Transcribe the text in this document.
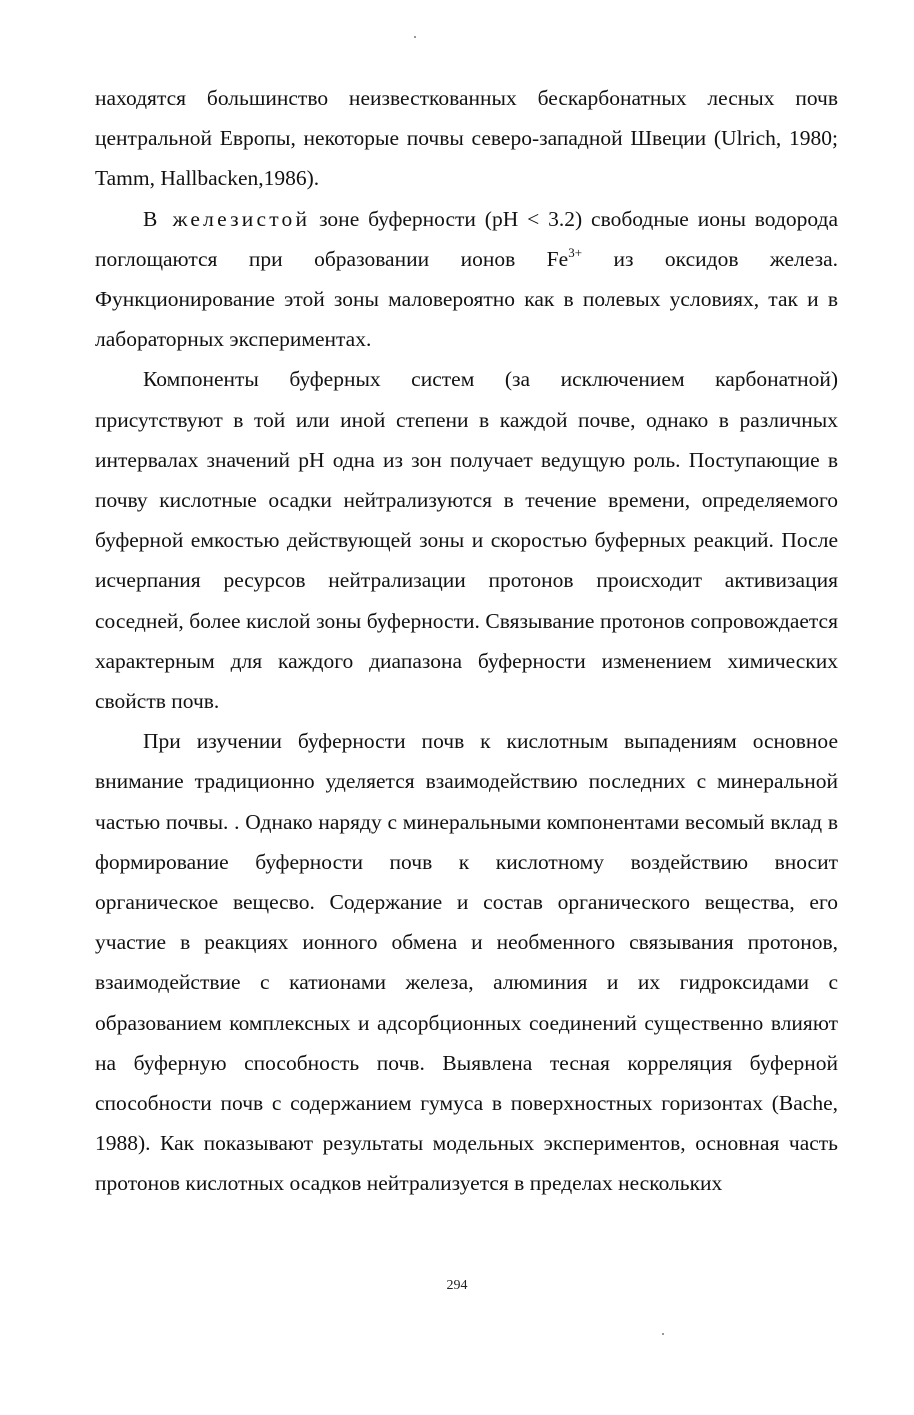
находятся большинство неизвесткованных бескарбонатных лесных почв центральной Европы, некоторые почвы северо-западной Швеции (Ulrich, 1980; Tamm, Hallbacken,1986).

В железистой зоне буферности (pH < 3.2) свободные ионы водорода поглощаются при образовании ионов $Fe^{3+}$ из оксидов железа. Функционирование этой зоны маловероятно как в полевых условиях, так и в лабораторных экспериментах.

Компоненты буферных систем (за исключением карбонатной) присутствуют в той или иной степени в каждой почве, однако в различных интервалах значений pH одна из зон получает ведущую роль. Поступающие в почву кислотные осадки нейтрализуются в течение времени, определяемого буферной емкостью действующей зоны и скоростью буферных реакций. После исчерпания ресурсов нейтрализации протонов происходит активизация соседней, более кислой зоны буферности. Связывание протонов сопровождается характерным для каждого диапазона буферности изменением химических свойств почв.

При изучении буферности почв к кислотным выпадениям основное внимание традиционно уделяется взаимодействию последних с минеральной частью почвы. . Однако наряду с минеральными компонентами весомый вклад в формирование буферности почв к кислотному воздействию вносит органическое вещесво. Содержание и состав органического вещества, его участие в реакциях ионного обмена и необменного связывания протонов, взаимодействие с катионами железа, алюминия и их гидроксидами с образованием комплексных и адсорбционных соединений существенно влияют на буферную способность почв. Выявлена тесная корреляция буферной способности почв с содержанием гумуса в поверхностных горизонтах (Bache, 1988). Как показывают результаты модельных экспериментов, основная часть протонов кислотных осадков нейтрализуется в пределах нескольких

294
